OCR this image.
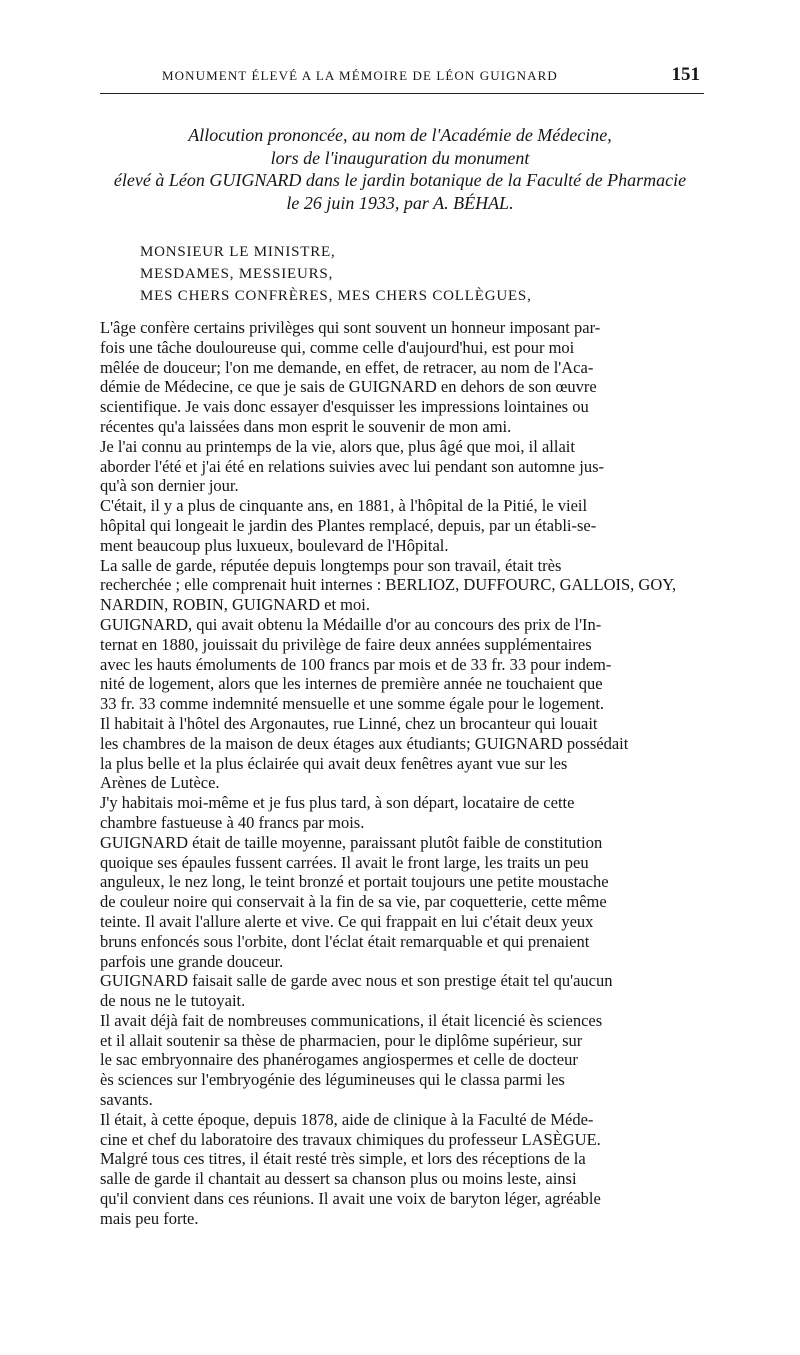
MONUMENT ÉLEVÉ A LA MÉMOIRE DE LÉON GUIGNARD	151
Allocution prononcée, au nom de l'Académie de Médecine,
lors de l'inauguration du monument
élevé à Léon GUIGNARD dans le jardin botanique de la Faculté de Pharmacie
le 26 juin 1933, par A. BÉHAL.
MONSIEUR LE MINISTRE,
MESDAMES, MESSIEURS,
MES CHERS CONFRÈRES, MES CHERS COLLÈGUES,
L'âge confère certains privilèges qui sont souvent un honneur imposant par-
fois une tâche douloureuse qui, comme celle d'aujourd'hui, est pour moi
mêlée de douceur; l'on me demande, en effet, de retracer, au nom de l'Aca-
démie de Médecine, ce que je sais de GUIGNARD en dehors de son œuvre
scientifique. Je vais donc essayer d'esquisser les impressions lointaines ou
récentes qu'a laissées dans mon esprit le souvenir de mon ami.
Je l'ai connu au printemps de la vie, alors que, plus âgé que moi, il allait
aborder l'été et j'ai été en relations suivies avec lui pendant son automne jus-
qu'à son dernier jour.
C'était, il y a plus de cinquante ans, en 1881, à l'hôpital de la Pitié, le vieil
hôpital qui longeait le jardin des Plantes remplacé, depuis, par un établi-se-
ment beaucoup plus luxueux, boulevard de l'Hôpital.
La salle de garde, réputée depuis longtemps pour son travail, était très
recherchée ; elle comprenait huit internes : BERLIOZ, DUFFOURC, GALLOIS, GOY,
NARDIN, ROBIN, GUIGNARD et moi.
GUIGNARD, qui avait obtenu la Médaille d'or au concours des prix de l'In-
ternat en 1880, jouissait du privilège de faire deux années supplémentaires
avec les hauts émoluments de 100 francs par mois et de 33 fr. 33 pour indem-
nité de logement, alors que les internes de première année ne touchaient que
33 fr. 33 comme indemnité mensuelle et une somme égale pour le logement.
Il habitait à l'hôtel des Argonautes, rue Linné, chez un brocanteur qui louait
les chambres de la maison de deux étages aux étudiants; GUIGNARD possédait
la plus belle et la plus éclairée qui avait deux fenêtres ayant vue sur les
Arènes de Lutèce.
J'y habitais moi-même et je fus plus tard, à son départ, locataire de cette
chambre fastueuse à 40 francs par mois.
GUIGNARD était de taille moyenne, paraissant plutôt faible de constitution
quoique ses épaules fussent carrées. Il avait le front large, les traits un peu
anguleux, le nez long, le teint bronzé et portait toujours une petite moustache
de couleur noire qui conservait à la fin de sa vie, par coquetterie, cette même
teinte. Il avait l'allure alerte et vive. Ce qui frappait en lui c'était deux yeux
bruns enfoncés sous l'orbite, dont l'éclat était remarquable et qui prenaient
parfois une grande douceur.
GUIGNARD faisait salle de garde avec nous et son prestige était tel qu'aucun
de nous ne le tutoyait.
Il avait déjà fait de nombreuses communications, il était licencié ès sciences
et il allait soutenir sa thèse de pharmacien, pour le diplôme supérieur, sur
le sac embryonnaire des phanérogames angiospermes et celle de docteur
ès sciences sur l'embryogénie des légumineuses qui le classa parmi les
savants.
Il était, à cette époque, depuis 1878, aide de clinique à la Faculté de Méde-
cine et chef du laboratoire des travaux chimiques du professeur LASÈGUE.
Malgré tous ces titres, il était resté très simple, et lors des réceptions de la
salle de garde il chantait au dessert sa chanson plus ou moins leste, ainsi
qu'il convient dans ces réunions. Il avait une voix de baryton léger, agréable
mais peu forte.
